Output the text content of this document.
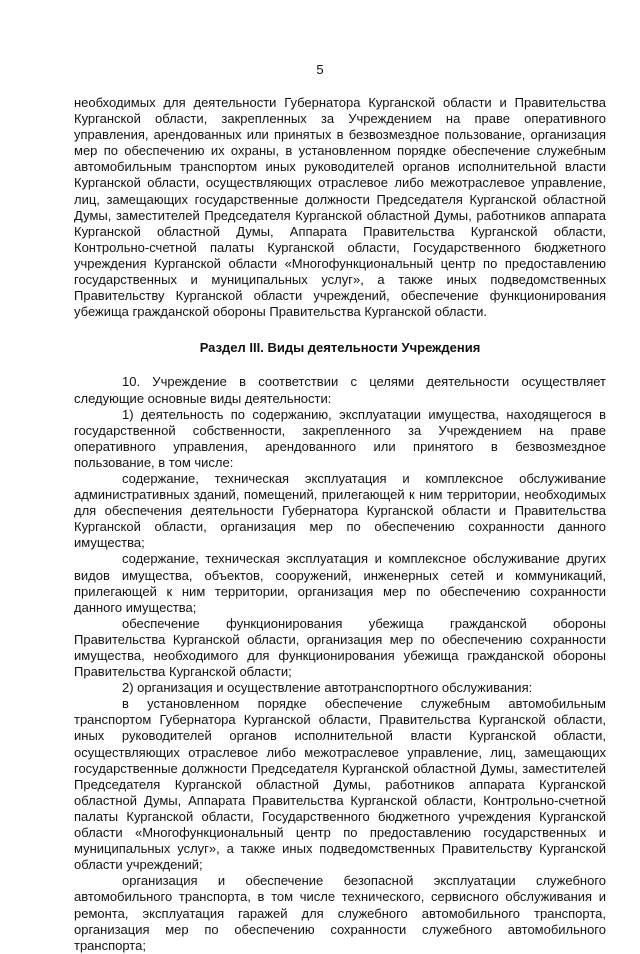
5

необходимых для деятельности Губернатора Курганской области и Правительства Курганской области, закрепленных за Учреждением на праве оперативного управления, арендованных или принятых в безвозмездное пользование, организация мер по обеспечению их охраны, в установленном порядке обеспечение служебным автомобильным транспортом иных руководителей органов исполнительной власти Курганской области, осуществляющих отраслевое либо межотраслевое управление, лиц, замещающих государственные должности Председателя Курганской областной Думы, заместителей Председателя Курганской областной Думы, работников аппарата Курганской областной Думы, Аппарата Правительства Курганской области, Контрольно-счетной палаты Курганской области, Государственного бюджетного учреждения Курганской области «Многофункциональный центр по предоставлению государственных и муниципальных услуг», а также иных подведомственных Правительству Курганской области учреждений, обеспечение функционирования убежища гражданской обороны Правительства Курганской области.

Раздел III. Виды деятельности Учреждения

10. Учреждение в соответствии с целями деятельности осуществляет следующие основные виды деятельности:

1) деятельность по содержанию, эксплуатации имущества, находящегося в государственной собственности, закрепленного за Учреждением на праве оперативного управления, арендованного или принятого в безвозмездное пользование, в том числе:

содержание, техническая эксплуатация и комплексное обслуживание административных зданий, помещений, прилегающей к ним территории, необходимых для обеспечения деятельности Губернатора Курганской области и Правительства Курганской области, организация мер по обеспечению сохранности данного имущества;

содержание, техническая эксплуатация и комплексное обслуживание других видов имущества, объектов, сооружений, инженерных сетей и коммуникаций, прилегающей к ним территории, организация мер по обеспечению сохранности данного имущества;

обеспечение функционирования убежища гражданской обороны Правительства Курганской области, организация мер по обеспечению сохранности имущества, необходимого для функционирования убежища гражданской обороны Правительства Курганской области;

2) организация и осуществление автотранспортного обслуживания:

в установленном порядке обеспечение служебным автомобильным транспортом Губернатора Курганской области, Правительства Курганской области, иных руководителей органов исполнительной власти Курганской области, осуществляющих отраслевое либо межотраслевое управление, лиц, замещающих государственные должности Председателя Курганской областной Думы, заместителей Председателя Курганской областной Думы, работников аппарата Курганской областной Думы, Аппарата Правительства Курганской области, Контрольно-счетной палаты Курганской области, Государственного бюджетного учреждения Курганской области «Многофункциональный центр по предоставлению государственных и муниципальных услуг», а также иных подведомственных Правительству Курганской области учреждений;

организация и обеспечение безопасной эксплуатации служебного автомобильного транспорта, в том числе технического, сервисного обслуживания и ремонта, эксплуатация гаражей для служебного автомобильного транспорта, организация мер по обеспечению сохранности служебного автомобильного транспорта;
